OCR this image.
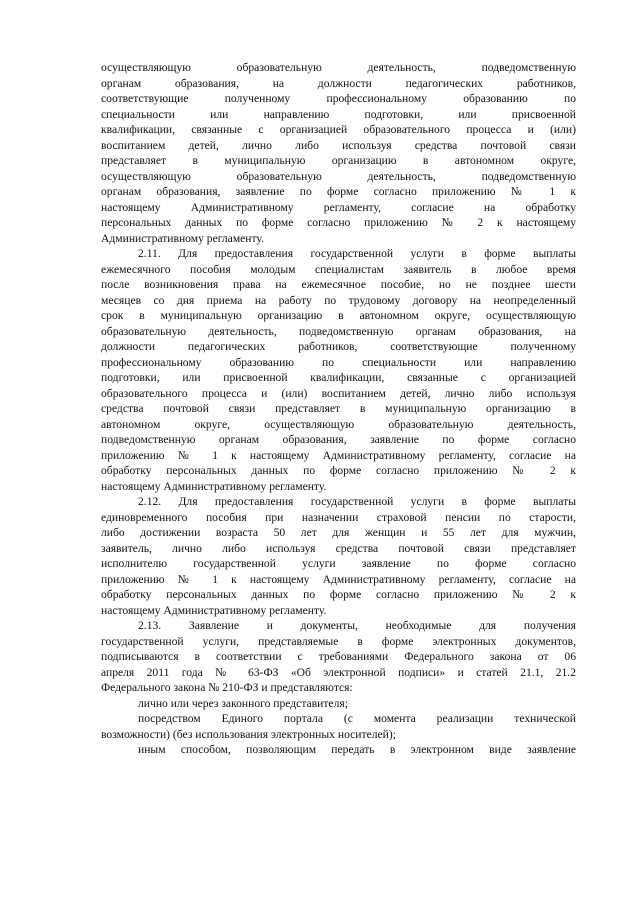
осуществляющую образовательную деятельность, подведомственную
органам образования, на должности педагогических работников,
соответствующие полученному профессиональному образованию по
специальности или направлению подготовки, или присвоенной
квалификации, связанные с организацией образовательного процесса и (или)
воспитанием детей, лично либо используя средства почтовой связи
представляет в муниципальную организацию в автономном округе,
осуществляющую образовательную деятельность, подведомственную
органам образования, заявление по форме согласно приложению № 1 к
настоящему Административному регламенту, согласие на обработку
персональных данных по форме согласно приложению № 2 к настоящему
Административному регламенту.
2.11. Для предоставления государственной услуги в форме выплаты
ежемесячного пособия молодым специалистам заявитель в любое время
после возникновения права на ежемесячное пособие, но не позднее шести
месяцев со дня приема на работу по трудовому договору на неопределенный
срок в муниципальную организацию в автономном округе, осуществляющую
образовательную деятельность, подведомственную органам образования, на
должности педагогических работников, соответствующие полученному
профессиональному образованию по специальности или направлению
подготовки, или присвоенной квалификации, связанные с организацией
образовательного процесса и (или) воспитанием детей, лично либо используя
средства почтовой связи представляет в муниципальную организацию в
автономном округе, осуществляющую образовательную деятельность,
подведомственную органам образования, заявление по форме согласно
приложению № 1 к настоящему Административному регламенту, согласие на
обработку персональных данных по форме согласно приложению № 2 к
настоящему Административному регламенту.
2.12. Для предоставления государственной услуги в форме выплаты
единовременного пособия при назначении страховой пенсии по старости,
либо достижении возраста 50 лет для женщин и 55 лет для мужчин,
заявитель, лично либо используя средства почтовой связи представляет
исполнителю государственной услуги заявление по форме согласно
приложению № 1 к настоящему Административному регламенту, согласие на
обработку персональных данных по форме согласно приложению № 2 к
настоящему Административному регламенту.
2.13. Заявление и документы, необходимые для получения
государственной услуги, представляемые в форме электронных документов,
подписываются в соответствии с требованиями Федерального закона от 06
апреля 2011 года № 63-ФЗ «Об электронной подписи» и статей 21.1, 21.2
Федерального закона № 210-ФЗ и представляются:
лично или через законного представителя;
посредством Единого портала (с момента реализации технической
возможности) (без использования электронных носителей);
иным способом, позволяющим передать в электронном виде заявление
